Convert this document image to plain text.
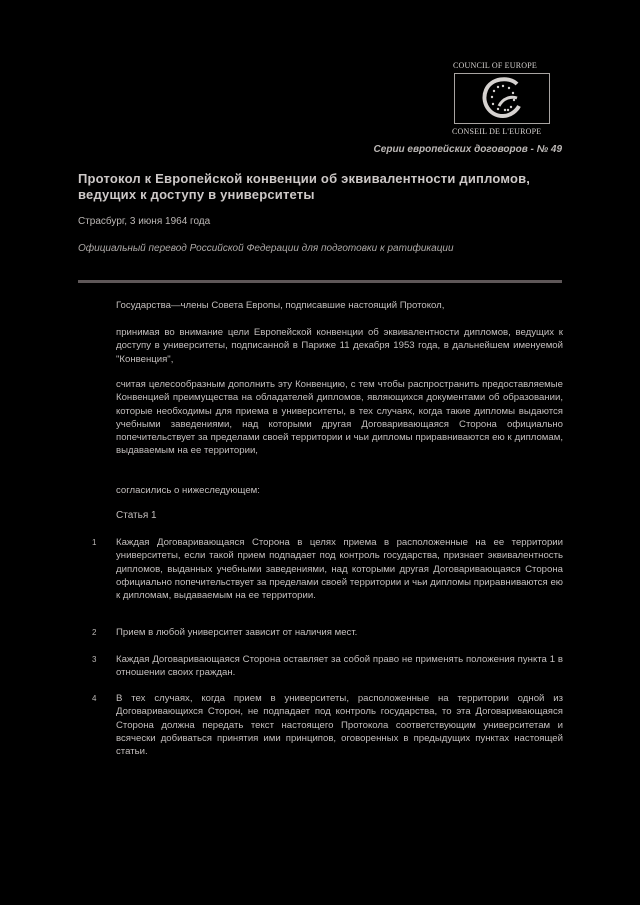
COUNCIL OF EUROPE
CONSEIL DE L'EUROPE
Серии европейских договоров - № 49
Протокол к Европейской конвенции об эквивалентности дипломов, ведущих к доступу в университеты
Страсбург, 3 июня 1964 года
Официальный перевод Российской Федерации для подготовки к ратификации
Государства—члены Совета Европы, подписавшие настоящий Протокол,
принимая во внимание цели Европейской конвенции об эквивалентности дипломов, ведущих к доступу в университеты, подписанной в Париже 11 декабря 1953 года, в дальнейшем именуемой "Конвенция",
считая целесообразным дополнить эту Конвенцию, с тем чтобы распространить предоставляемые Конвенцией преимущества на обладателей дипломов, являющихся документами об образовании, которые необходимы для приема в университеты, в тех случаях, когда такие дипломы выдаются учебными заведениями, над которыми другая Договаривающаяся Сторона официально попечительствует за пределами своей территории и чьи дипломы приравниваются ею к дипломам, выдаваемым на ее территории,
согласились о нижеследующем:
Статья 1
1 Каждая Договаривающаяся Сторона в целях приема в расположенные на ее территории университеты, если такой прием подпадает под контроль государства, признает эквивалентность дипломов, выданных учебными заведениями, над которыми другая Договаривающаяся Сторона официально попечительствует за пределами своей территории и чьи дипломы приравниваются ею к дипломам, выдаваемым на ее территории.
2 Прием в любой университет зависит от наличия мест.
3 Каждая Договаривающаяся Сторона оставляет за собой право не применять положения пункта 1 в отношении своих граждан.
4 В тех случаях, когда прием в университеты, расположенные на территории одной из Договаривающихся Сторон, не подпадает под контроль государства, то эта Договаривающаяся Сторона должна передать текст настоящего Протокола соответствующим университетам и всячески добиваться принятия ими принципов, оговоренных в предыдущих пунктах настоящей статьи.
